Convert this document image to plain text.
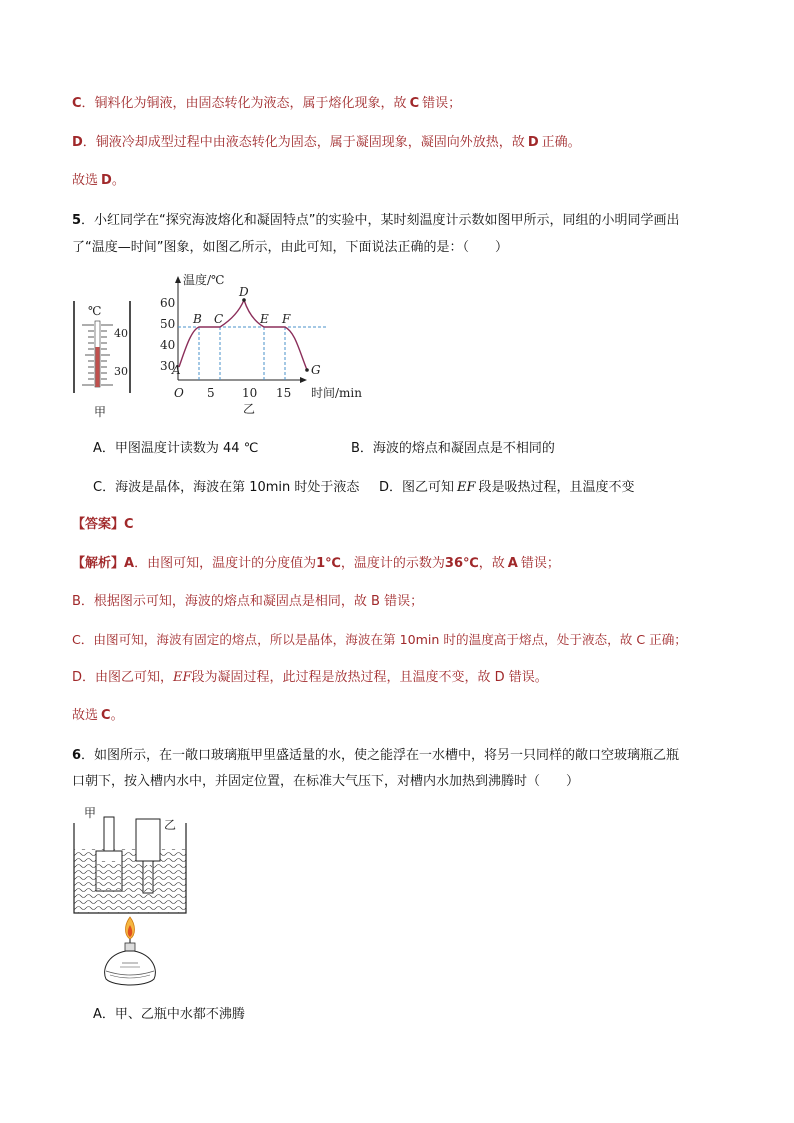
C．铜料化为铜液，由固态转化为液态，属于熔化现象，故 C 错误；
D．铜液冷却成型过程中由液态转化为固态，属于凝固现象，凝固向外放热，故 D 正确。
故选 D。
5．小红同学在“探究海波熔化和凝固特点”的实验中，某时刻温度计示数如图甲所示，同组的小明同学画出
了“温度—时间”图象，如图乙所示，由此可知，下面说法正确的是：（　　）
℃
40
30
甲
温度/℃
60
50
40
30
O 5 10 15 时间/min
A
B C
D
E F
G
乙
A．甲图温度计读数为 44 ℃	B．海波的熔点和凝固点是不相同的
C．海波是晶体，海波在第 10min 时处于液态 D．图乙可知 EF 段是吸热过程，且温度不变
【答案】C
【解析】A．由图可知，温度计的分度值为1℃，温度计的示数为36℃，故 A 错误；
B．根据图示可知，海波的熔点和凝固点是相同，故 B 错误；
C．由图可知，海波有固定的熔点，所以是晶体，海波在第 10min 时的温度高于熔点，处于液态，故 C 正确；
D．由图乙可知，EF段为凝固过程，此过程是放热过程，且温度不变，故 D 错误。
故选 C。
6．如图所示，在一敞口玻璃瓶甲里盛适量的水，使之能浮在一水槽中，将另一只同样的敞口空玻璃瓶乙瓶
口朝下，按入槽内水中，并固定位置，在标准大气压下，对槽内水加热到沸腾时（　　）
甲
乙
A．甲、乙瓶中水都不沸腾
